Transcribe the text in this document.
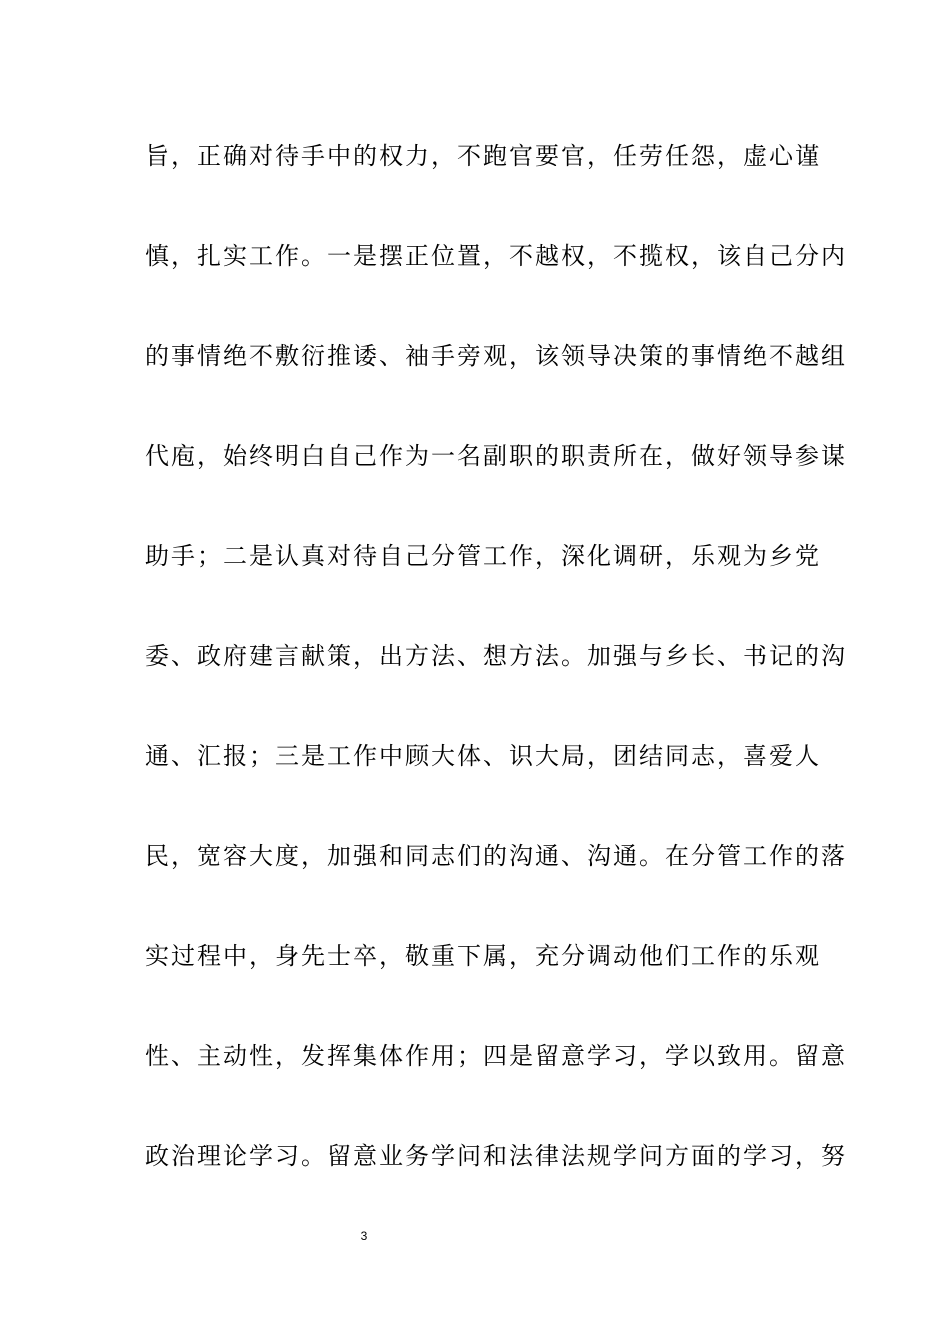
旨，正确对待手中的权力，不跑官要官，任劳任怨，虚心谨
慎，扎实工作。一是摆正位置，不越权，不揽权，该自己分内
的事情绝不敷衍推诿、袖手旁观，该领导决策的事情绝不越组
代庖，始终明白自己作为一名副职的职责所在，做好领导参谋
助手；二是认真对待自己分管工作，深化调研，乐观为乡党
委、政府建言献策，出方法、想方法。加强与乡长、书记的沟
通、汇报；三是工作中顾大体、识大局，团结同志，喜爱人
民，宽容大度，加强和同志们的沟通、沟通。在分管工作的落
实过程中，身先士卒，敬重下属，充分调动他们工作的乐观
性、主动性，发挥集体作用；四是留意学习，学以致用。留意
政治理论学习。留意业务学问和法律法规学问方面的学习，努
3
